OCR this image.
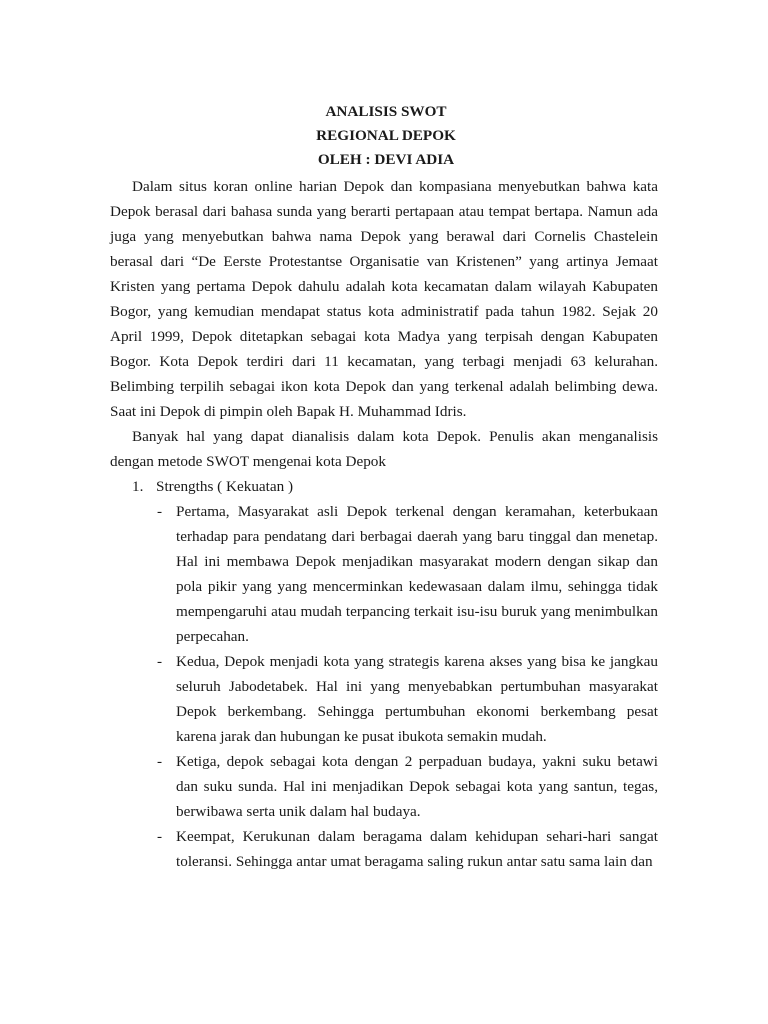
ANALISIS SWOT

REGIONAL DEPOK

OLEH : DEVI ADIA

Dalam situs koran online harian Depok dan kompasiana menyebutkan bahwa kata Depok berasal dari bahasa sunda yang berarti pertapaan atau tempat bertapa. Namun ada juga yang menyebutkan bahwa nama Depok yang berawal dari Cornelis Chastelein berasal dari “De Eerste Protestantse Organisatie van Kristenen” yang artinya Jemaat Kristen yang pertama Depok dahulu adalah kota kecamatan dalam wilayah Kabupaten Bogor, yang kemudian mendapat status kota administratif pada tahun 1982. Sejak 20 April 1999, Depok ditetapkan sebagai kota Madya yang terpisah dengan Kabupaten Bogor. Kota Depok terdiri dari 11 kecamatan, yang terbagi menjadi 63 kelurahan. Belimbing terpilih sebagai ikon kota Depok dan yang terkenal adalah belimbing dewa. Saat ini Depok di pimpin oleh Bapak H. Muhammad Idris.

Banyak hal yang dapat dianalisis dalam kota Depok. Penulis akan menganalisis dengan metode SWOT mengenai kota Depok

1. Strengths ( Kekuatan )
- Pertama, Masyarakat asli Depok terkenal dengan keramahan, keterbukaan terhadap para pendatang dari berbagai daerah yang baru tinggal dan menetap. Hal ini membawa Depok menjadikan masyarakat modern dengan sikap dan pola pikir yang yang mencerminkan kedewasaan dalam ilmu, sehingga tidak mempengaruhi atau mudah terpancing terkait isu-isu buruk yang menimbulkan perpecahan.
- Kedua, Depok menjadi kota yang strategis karena akses yang bisa ke jangkau seluruh Jabodetabek. Hal ini yang menyebabkan pertumbuhan masyarakat Depok berkembang. Sehingga pertumbuhan ekonomi berkembang pesat karena jarak dan hubungan ke pusat ibukota semakin mudah.
- Ketiga, depok sebagai kota dengan 2 perpaduan budaya, yakni suku betawi dan suku sunda. Hal ini menjadikan Depok sebagai kota yang santun, tegas, berwibawa serta unik dalam hal budaya.
- Keempat, Kerukunan dalam beragama dalam kehidupan sehari-hari sangat toleransi. Sehingga antar umat beragama saling rukun antar satu sama lain dan
